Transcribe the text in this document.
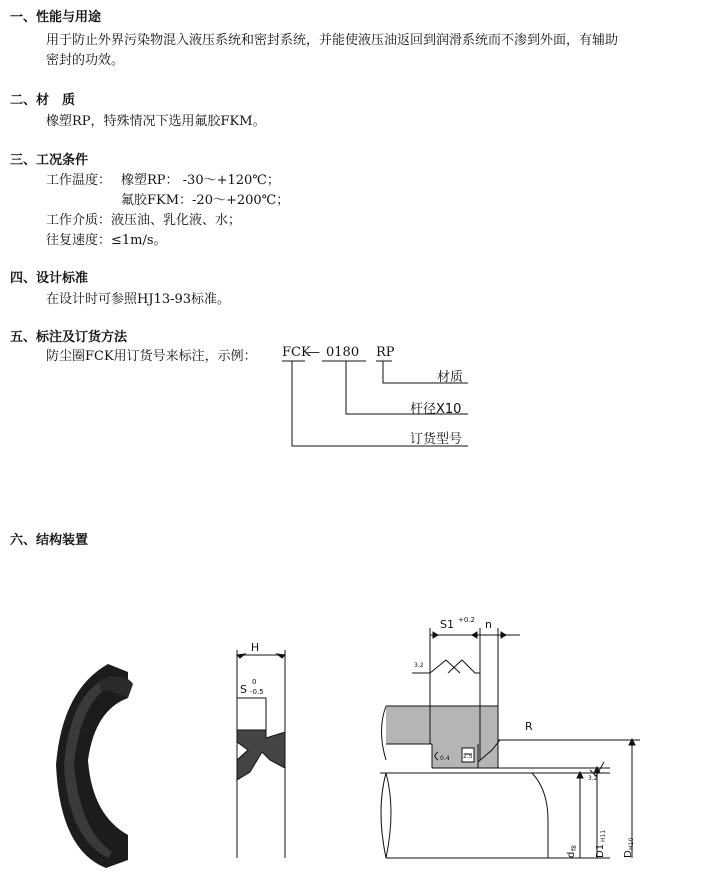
一、性能与用途
用于防止外界污染物混入液压系统和密封系统，并能使液压油返回到润滑系统而不渗到外面，有辅助
密封的功效。
二、材　质
橡塑RP，特殊情况下选用氟胶FKM。
三、工况条件
工作温度： 橡塑RP： -30～+120℃；
氟胶FKM：-20～+200℃；
工作介质：液压油、乳化液、水；
往复速度：≤1m/s。
四、设计标准
在设计时可参照HJ13-93标准。
五、标注及订货方法
防尘圈FCK用订货号来标注，示例： FCK
— 0180 RP
材质
杆径X10
订货型号
六、结构装置
H
S
0
-0.5
S1 +0.2 n
R
3.2
0.4 2.5
3.2
d
f8 D1
H11
D
H10
